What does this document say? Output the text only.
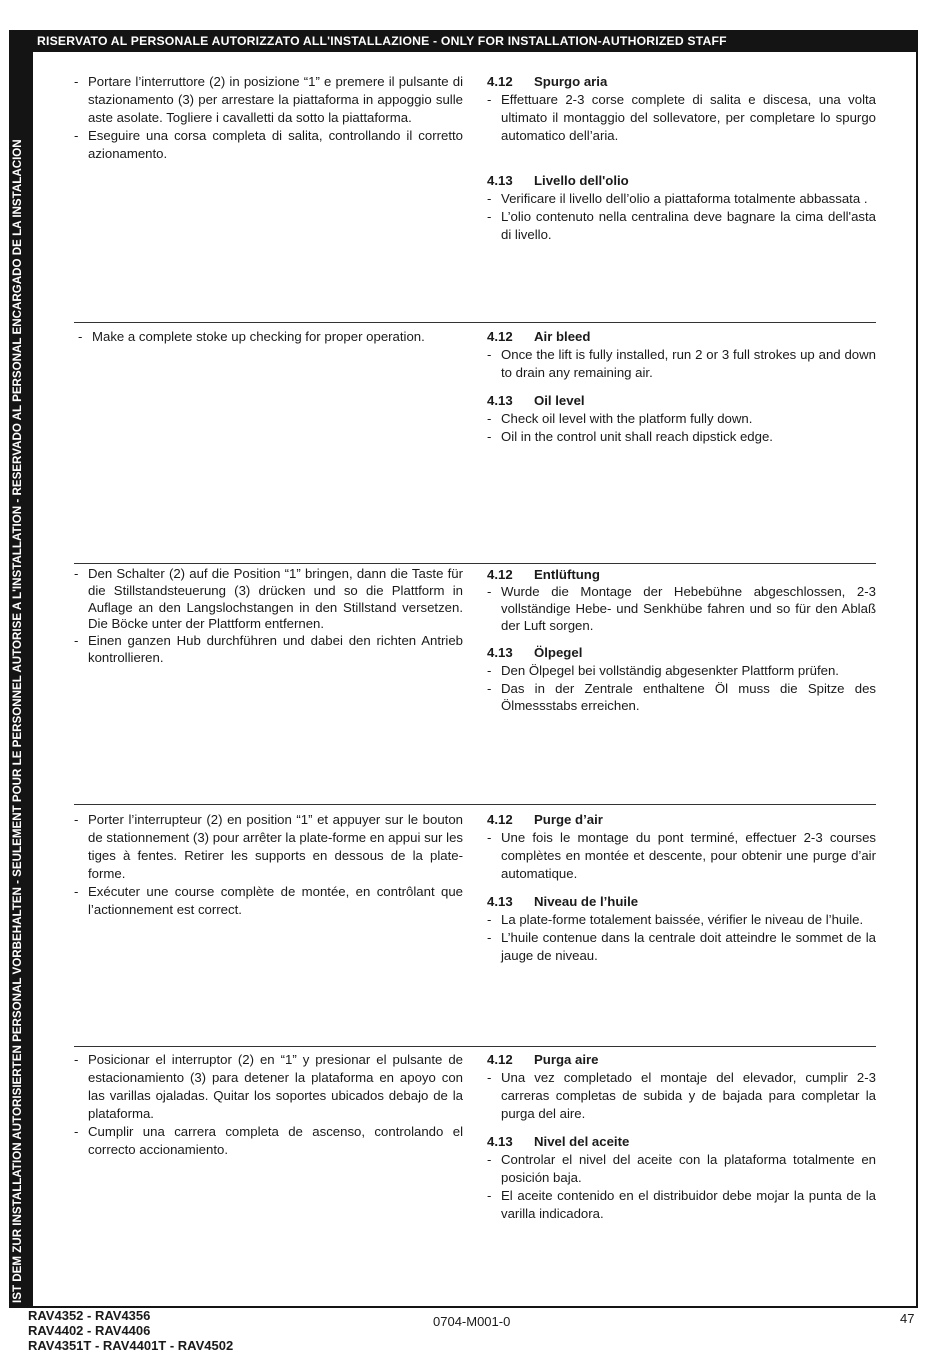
RISERVATO AL PERSONALE AUTORIZZATO ALL'INSTALLAZIONE - ONLY FOR INSTALLATION-AUTHORIZED STAFF
IST DEM ZUR INSTALLATION AUTORISIERTEN PERSONAL VORBEHALTEN - SEULEMENT POUR LE PERSONNEL AUTORISE A L'INSTALLATION - RESERVADO AL PERSONAL ENCARGADO DE LA INSTALACION
- Portare l’interruttore (2) in posizione “1” e premere il pulsante di stazionamento (3) per arrestare la piattaforma in appoggio sulle aste asolate. Togliere i cavalletti da sotto la piattaforma.
- Eseguire una corsa completa di salita, controllando il corretto azionamento.
4.12 Spurgo aria
- Effettuare 2-3 corse complete di salita e discesa, una volta ultimato il montaggio del sollevatore, per completare lo spurgo automatico dell’aria.
4.13 Livello dell'olio
- Verificare il livello dell’olio a piattaforma totalmente abbassata .
- L’olio contenuto nella centralina deve bagnare la cima dell'asta di livello.
- Make a complete stoke up checking for proper operation.	4.12 Air bleed
- Once the lift is fully installed, run 2 or 3 full strokes up and down to drain any remaining air.
4.13 Oil level
- Check oil level with the platform fully down.
- Oil in the control unit shall reach dipstick edge.
- Den Schalter (2) auf die Position “1” bringen, dann die Taste für die Stillstandsteuerung (3) drücken und so die Plattform in Auflage an den Langslochstangen in den Stillstand versetzen. Die Böcke unter der Plattform entfernen.
- Einen ganzen Hub durchführen und dabei den richten Antrieb kontrollieren.
4.12 Entlüftung
- Wurde die Montage der Hebebühne abgeschlossen, 2-3 vollständige Hebe- und Senkhübe fahren und so für den Ablaß der Luft sorgen.
4.13 Ölpegel
- Den Ölpegel bei vollständig abgesenkter Plattform prüfen.
- Das in der Zentrale enthaltene Öl muss die Spitze des Ölmessstabs erreichen.
- Porter l’interrupteur (2) en position “1” et appuyer sur le bouton de stationnement (3) pour arrêter la plate-forme en appui sur les tiges à fentes. Retirer les supports en dessous de la plate-forme.
- Exécuter une course complète de montée, en contrôlant que l’actionnement est correct.
4.12 Purge d’air
- Une fois le montage du pont terminé, effectuer 2-3 courses complètes en montée et descente, pour obtenir une purge d’air automatique.
4.13 Niveau de l’huile
- La plate-forme totalement baissée, vérifier le niveau de l’huile.
- L’huile contenue dans la centrale doit atteindre le sommet de la jauge de niveau.
- Posicionar el interruptor (2) en “1” y presionar el pulsante de estacionamiento (3) para detener la plataforma en apoyo con las varillas ojaladas. Quitar los soportes ubicados debajo de la plataforma.
- Cumplir una carrera completa de ascenso, controlando el correcto accionamiento.
4.12 Purga aire
- Una vez completado el montaje del elevador, cumplir 2-3 carreras completas de subida y de bajada para completar la purga del aire.
4.13 Nivel del aceite
- Controlar el nivel del aceite con la plataforma totalmente en posición baja.
- El aceite contenido en el distribuidor debe mojar la punta de la varilla indicadora.
RAV4352 - RAV4356
RAV4402 - RAV4406
RAV4351T - RAV4401T - RAV4502
0704-M001-0	47
